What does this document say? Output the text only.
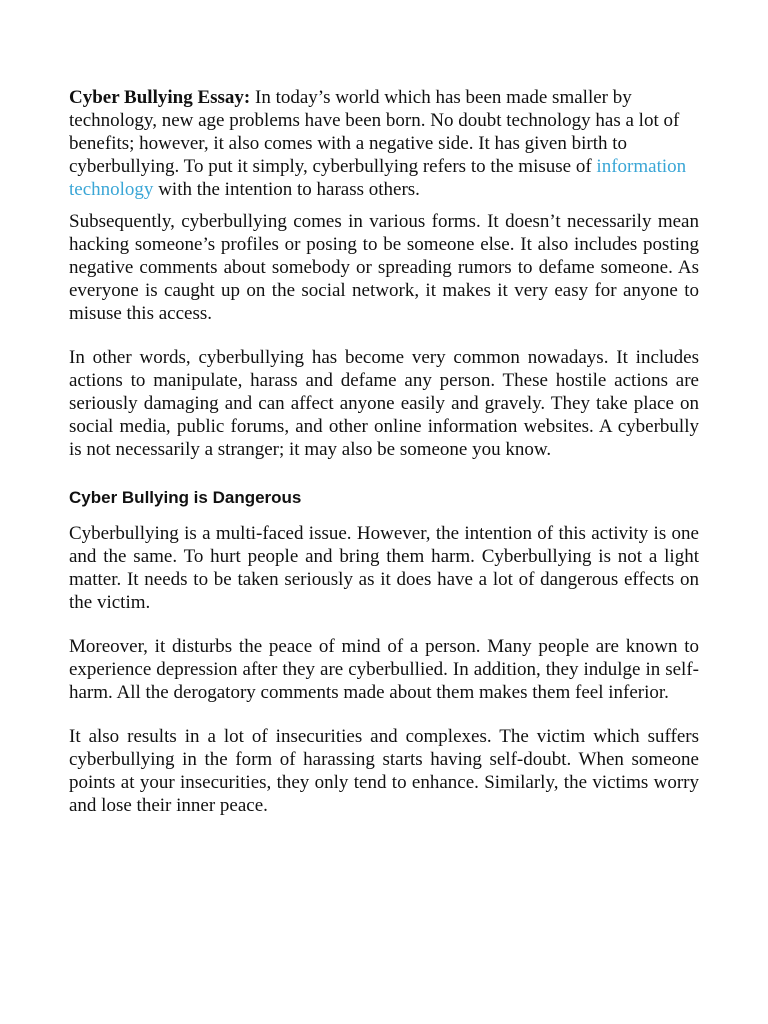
Cyber Bullying Essay: In today’s world which has been made smaller by technology, new age problems have been born. No doubt technology has a lot of benefits; however, it also comes with a negative side. It has given birth to cyberbullying. To put it simply, cyberbullying refers to the misuse of information technology with the intention to harass others.

Subsequently, cyberbullying comes in various forms. It doesn’t necessarily mean hacking someone’s profiles or posing to be someone else. It also includes posting negative comments about somebody or spreading rumors to defame someone. As everyone is caught up on the social network, it makes it very easy for anyone to misuse this access.

In other words, cyberbullying has become very common nowadays. It includes actions to manipulate, harass and defame any person. These hostile actions are seriously damaging and can affect anyone easily and gravely. They take place on social media, public forums, and other online information websites. A cyberbully is not necessarily a stranger; it may also be someone you know.

Cyber Bullying is Dangerous

Cyberbullying is a multi-faced issue. However, the intention of this activity is one and the same. To hurt people and bring them harm. Cyberbullying is not a light matter. It needs to be taken seriously as it does have a lot of dangerous effects on the victim.

Moreover, it disturbs the peace of mind of a person. Many people are known to experience depression after they are cyberbullied. In addition, they indulge in self-harm. All the derogatory comments made about them makes them feel inferior.

It also results in a lot of insecurities and complexes. The victim which suffers cyberbullying in the form of harassing starts having self-doubt. When someone points at your insecurities, they only tend to enhance. Similarly, the victims worry and lose their inner peace.
